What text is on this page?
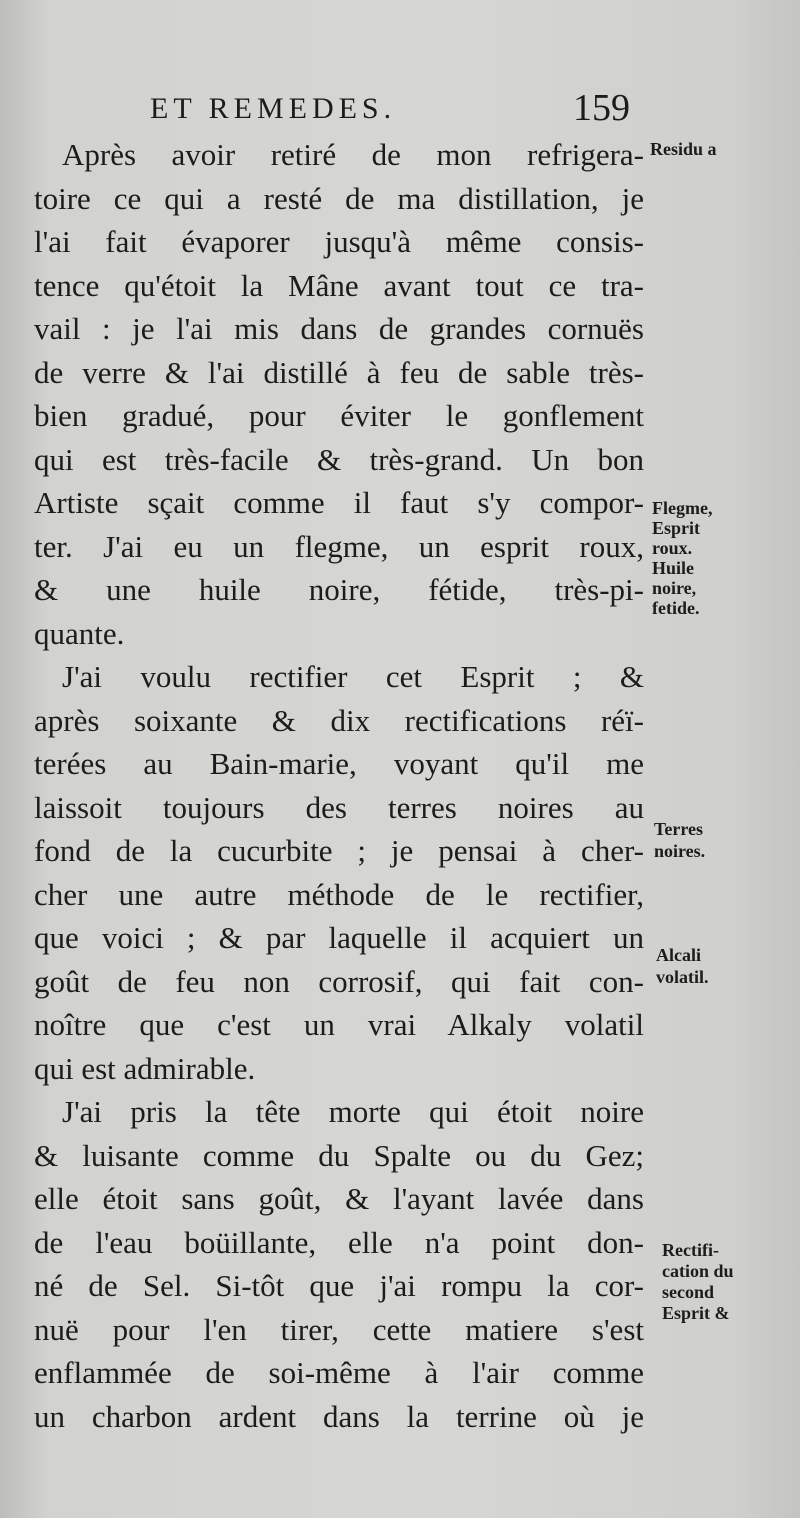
ET REMEDES.	159
Après avoir retiré de mon refrigera-
toire ce qui a resté de ma distillation, je
l'ai fait évaporer jusqu'à même consis-
tence qu'étoit la Mâne avant tout ce tra-
vail : je l'ai mis dans de grandes cornuës
de verre & l'ai distillé à feu de sable très-
bien gradué, pour éviter le gonflement
qui est très-facile & très-grand. Un bon
Artiste sçait comme il faut s'y compor-
ter. J'ai eu un flegme, un esprit roux,
& une huile noire, fétide, très-pi-
quante.
J'ai voulu rectifier cet Esprit ; &
après soixante & dix rectifications réï-
terées au Bain-marie, voyant qu'il me
laissoit toujours des terres noires au
fond de la cucurbite ; je pensai à cher-
cher une autre méthode de le rectifier,
que voici ; & par laquelle il acquiert un
goût de feu non corrosif, qui fait con-
noître que c'est un vrai Alkaly volatil
qui est admirable.
J'ai pris la tête morte qui étoit noire
& luisante comme du Spalte ou du Gez;
elle étoit sans goût, & l'ayant lavée dans
de l'eau boüillante, elle n'a point don-
né de Sel. Si-tôt que j'ai rompu la cor-
nuë pour l'en tirer, cette matiere s'est
enflammée de soi-même à l'air comme
un charbon ardent dans la terrine où je
Residu a
Flegme,
Esprit
roux.
Huile
noire,
fetide.
Terres
noires.
Alcali
volatil.
Rectifi-
cation du
second
Esprit &
